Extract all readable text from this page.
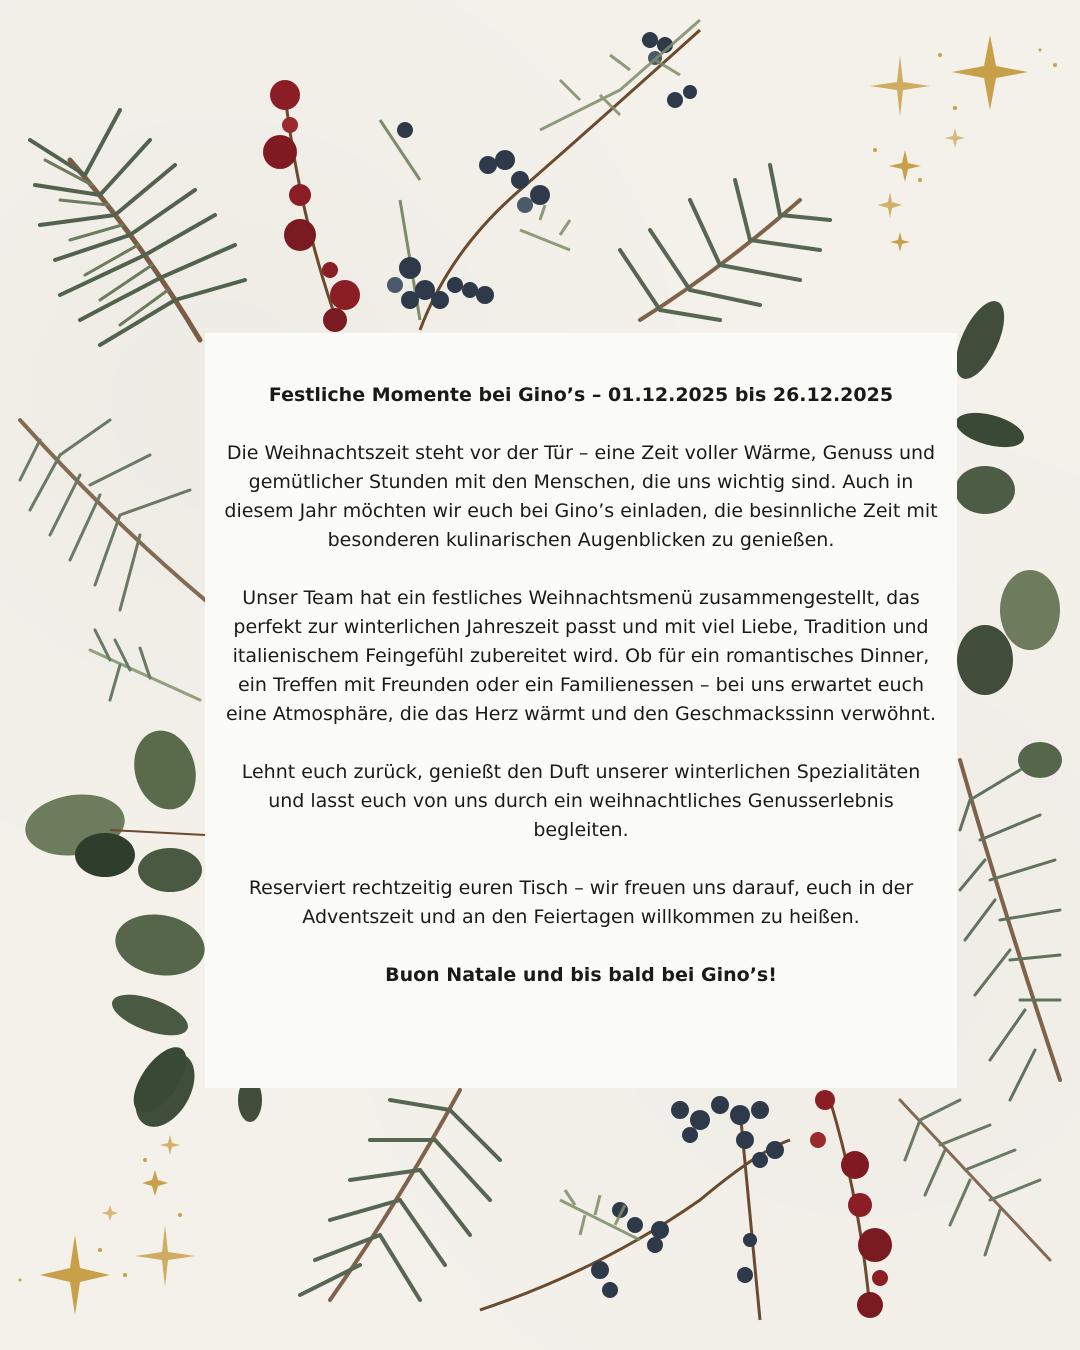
Festliche Momente bei Gino’s – 01.12.2025 bis 26.12.2025

Die Weihnachtszeit steht vor der Tür – eine Zeit voller Wärme, Genuss und gemütlicher Stunden mit den Menschen, die uns wichtig sind. Auch in diesem Jahr möchten wir euch bei Gino’s einladen, die besinnliche Zeit mit besonderen kulinarischen Augenblicken zu genießen.

Unser Team hat ein festliches Weihnachtsmenü zusammengestellt, das perfekt zur winterlichen Jahreszeit passt und mit viel Liebe, Tradition und italienischem Feingefühl zubereitet wird. Ob für ein romantisches Dinner, ein Treffen mit Freunden oder ein Familienessen – bei uns erwartet euch eine Atmosphäre, die das Herz wärmt und den Geschmackssinn verwöhnt.

Lehnt euch zurück, genießt den Duft unserer winterlichen Spezialitäten und lasst euch von uns durch ein weihnachtliches Genusserlebnis begleiten.

Reserviert rechtzeitig euren Tisch – wir freuen uns darauf, euch in der Adventszeit und an den Feiertagen willkommen zu heißen.

Buon Natale und bis bald bei Gino’s!
